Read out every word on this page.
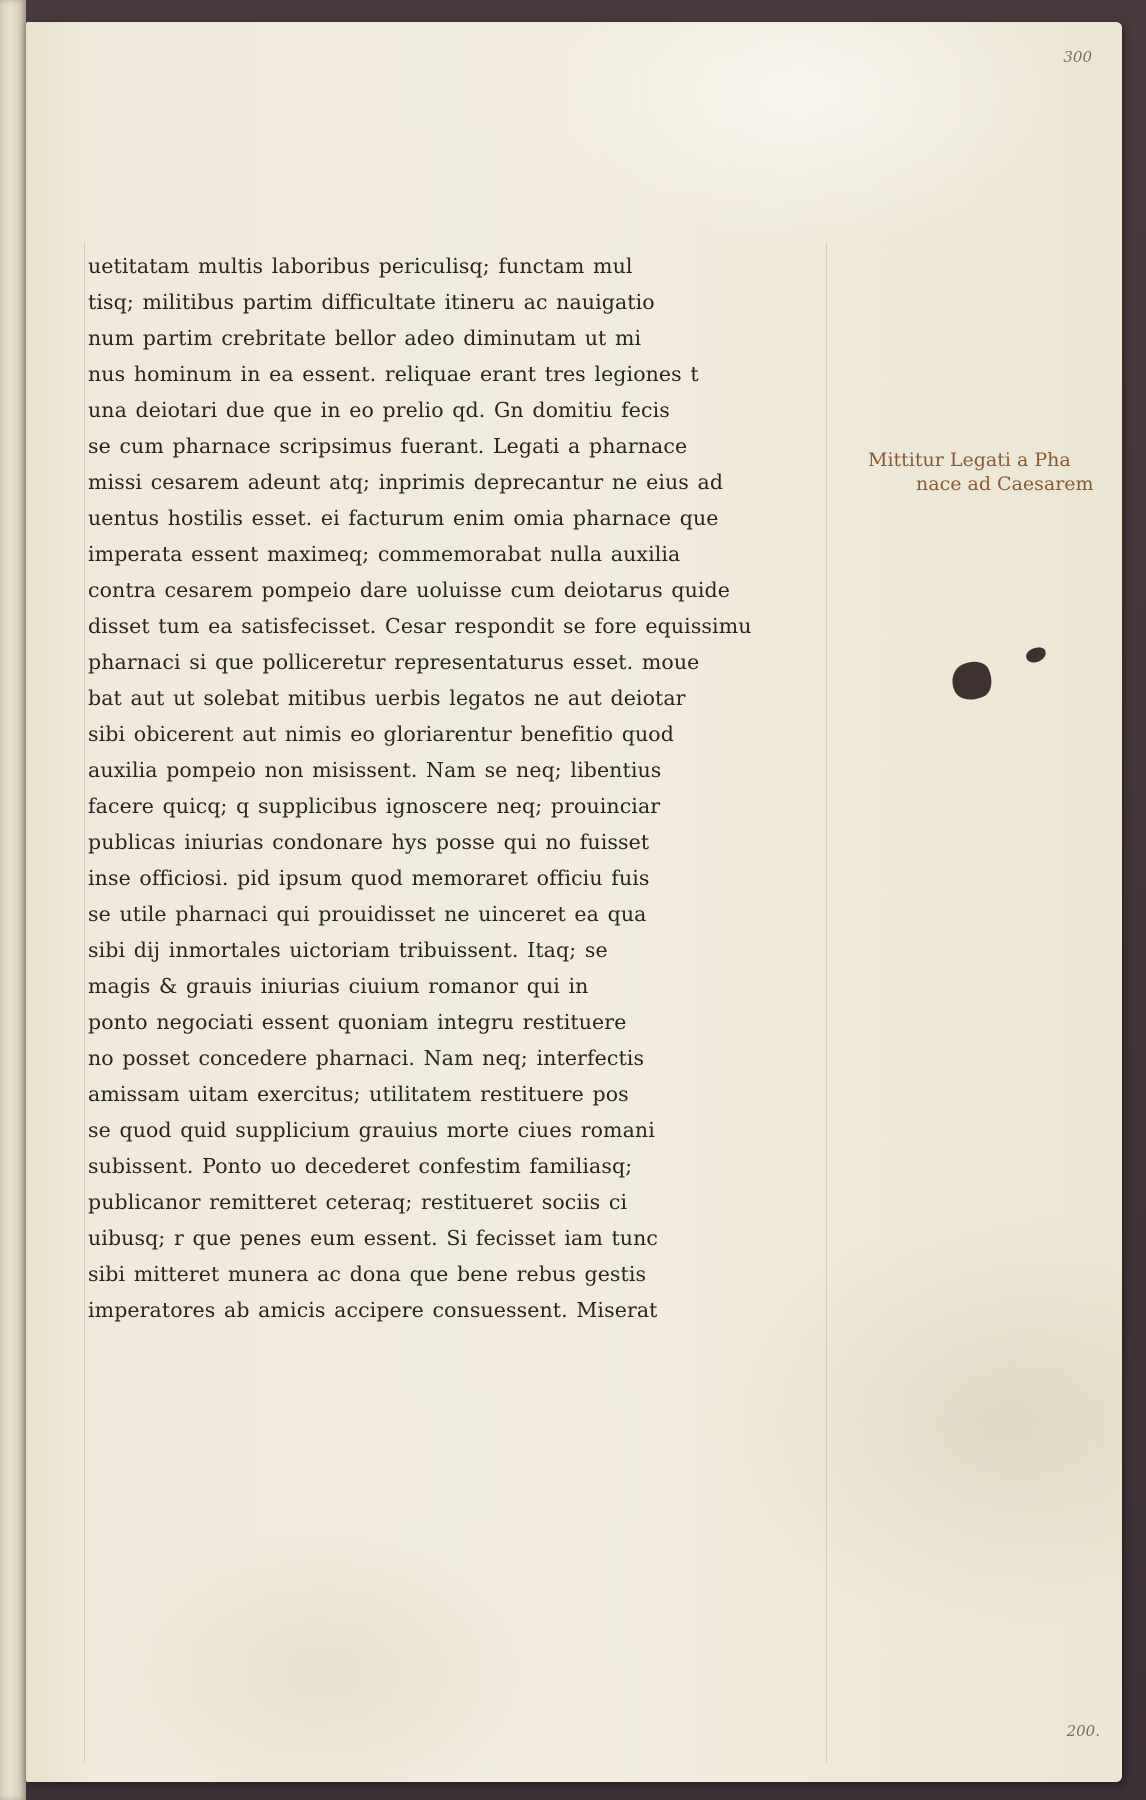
300
uetitatam multis laboribus periculisq; functam mul
tisq; militibus partim difficultate itineru ac nauigatio
num partim crebritate bellor adeo diminutam ut mi
nus hominum in ea essent. reliquae erant tres legiones t
una deiotari due que in eo prelio qd. Gn domitiu fecis
se cum pharnace scripsimus fuerant. Legati a pharnace
missi cesarem adeunt atq; inprimis deprecantur ne eius ad
uentus hostilis esset. ei facturum enim omia pharnace que
imperata essent maximeq; commemorabat nulla auxilia
contra cesarem pompeio dare uoluisse cum deiotarus quide
disset tum ea satisfecisset. Cesar respondit se fore equissimu
pharnaci si que polliceretur representaturus esset. moue
bat aut ut solebat mitibus uerbis legatos ne aut deiotar
sibi obicerent aut nimis eo gloriarentur benefitio quod
auxilia pompeio non misissent. Nam se neq; libentius
facere quicq; q supplicibus ignoscere neq; prouinciar
publicas iniurias condonare hys posse qui no fuisset
inse officiosi. pid ipsum quod memoraret officiu fuis
se utile pharnaci qui prouidisset ne uinceret ea qua
sibi dij inmortales uictoriam tribuissent. Itaq; se
magis & grauis iniurias ciuium romanor qui in
ponto negociati essent quoniam integru restituere
no posset concedere pharnaci. Nam neq; interfectis
amissam uitam exercitus; utilitatem restituere pos
se quod quid supplicium grauius morte ciues romani
subissent. Ponto uo decederet confestim familiasq;
publicanor remitteret ceteraq; restitueret sociis ci
uibusq; r que penes eum essent. Si fecisset iam tunc
sibi mitteret munera ac dona que bene rebus gestis
imperatores ab amicis accipere consuessent. Miserat
Mittitur Legati a Pha
nace ad Caesarem
200.
